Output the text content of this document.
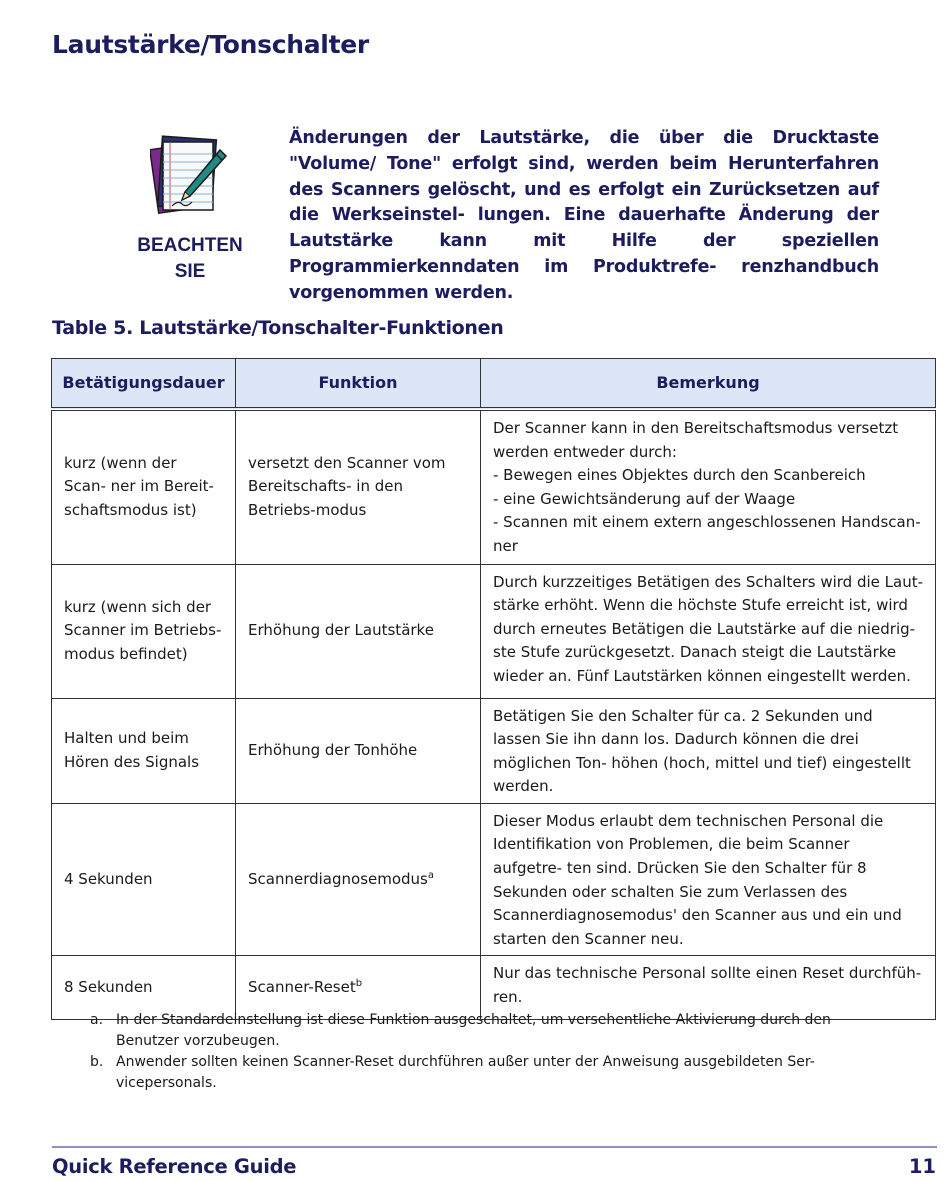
Lautstärke/Tonschalter
BEACHTEN SIE

Änderungen der Lautstärke, die über die Drucktaste "Volume/ Tone" erfolgt sind, werden beim Herunterfahren des Scanners gelöscht, und es erfolgt ein Zurücksetzen auf die Werkseinstel- lungen. Eine dauerhafte Änderung der Lautstärke kann mit Hilfe der speziellen Programmierkenndaten im Produktrefe- renzhandbuch vorgenommen werden.

Table 5. Lautstärke/Tonschalter-Funktionen
Betätigungsdauer	Funktion	Bemerkung
kurz (wenn der Scan- ner im Bereit- schaftsmodus ist)	versetzt den Scanner vom Bereitschafts- in den Betriebs-modus	Der Scanner kann in den Bereitschaftsmodus versetzt werden entweder durch:
- Bewegen eines Objektes durch den Scanbereich
- eine Gewichtsänderung auf der Waage
- Scannen mit einem extern angeschlossenen Handscan- ner
kurz (wenn sich der Scanner im Betriebs- modus befindet)	Erhöhung der Lautstärke	Durch kurzzeitiges Betätigen des Schalters wird die Laut- stärke erhöht. Wenn die höchste Stufe erreicht ist, wird durch erneutes Betätigen die Lautstärke auf die niedrig- ste Stufe zurückgesetzt. Danach steigt die Lautstärke wieder an. Fünf Lautstärken können eingestellt werden.
Halten und beim Hören des Signals	Erhöhung der Tonhöhe	Betätigen Sie den Schalter für ca. 2 Sekunden und lassen Sie ihn dann los. Dadurch können die drei möglichen Ton- höhen (hoch, mittel und tief) eingestellt werden.
4 Sekunden	Scannerdiagnosemodus$^a$	Dieser Modus erlaubt dem technischen Personal die Identifikation von Problemen, die beim Scanner aufgetre- ten sind. Drücken Sie den Schalter für 8 Sekunden oder schalten Sie zum Verlassen des Scannerdiagnosemodus' den Scanner aus und ein und starten den Scanner neu.
8 Sekunden	Scanner-Reset$^b$	Nur das technische Personal sollte einen Reset durchfüh- ren.
a. In der Standardeinstellung ist diese Funktion ausgeschaltet, um versehentliche Aktivierung durch den Benutzer vorzubeugen.
b. Anwender sollten keinen Scanner-Reset durchführen außer unter der Anweisung ausgebildeten Ser- vicepersonals.
Quick Reference Guide	11
